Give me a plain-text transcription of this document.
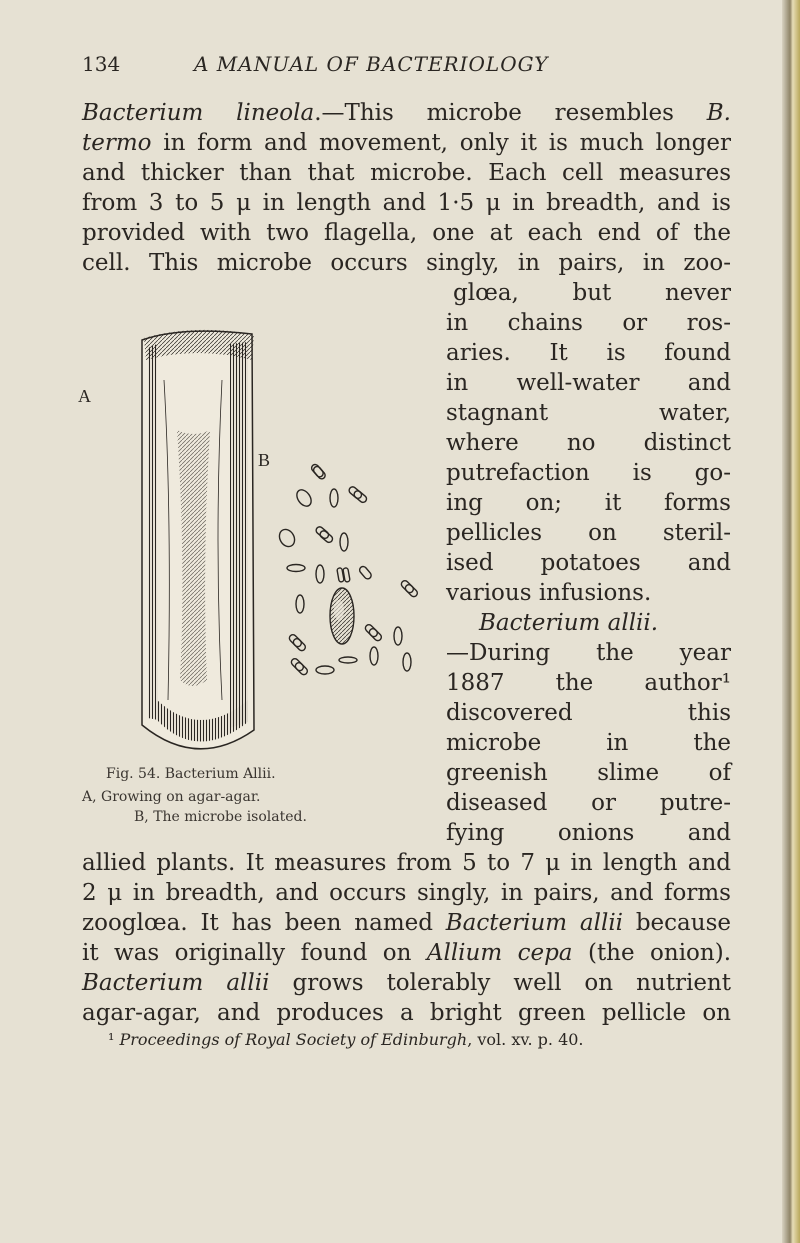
134	A MANUAL OF BACTERIOLOGY
Bacterium lineola.—This microbe resembles B.
termo in form and movement, only it is much longer
and thicker than that microbe. Each cell measures
from 3 to 5 μ in length and 1·5 μ in breadth, and is
provided with two flagella, one at each end of the
cell. This microbe occurs singly, in pairs, in zoo-
glœa, but never
in chains or ros-
aries. It is found
in well-water and
stagnant water,
where no distinct
putrefaction is go-
ing on; it forms
pellicles on steril-
ised potatoes and
various infusions.
Bacterium allii.
—During the year
1887 the author¹
discovered this
microbe in the
greenish slime of
diseased or putre-
fying onions and
A
B
Fig. 54. Bacterium Allii.
A, Growing on agar-agar.
B, The microbe isolated.
allied plants. It measures from 5 to 7 μ in length and
2 μ in breadth, and occurs singly, in pairs, and forms
zooglœa. It has been named Bacterium allii because
it was originally found on Allium cepa (the onion).
Bacterium allii grows tolerably well on nutrient
agar-agar, and produces a bright green pellicle on
¹ Proceedings of Royal Society of Edinburgh, vol. xv. p. 40.
